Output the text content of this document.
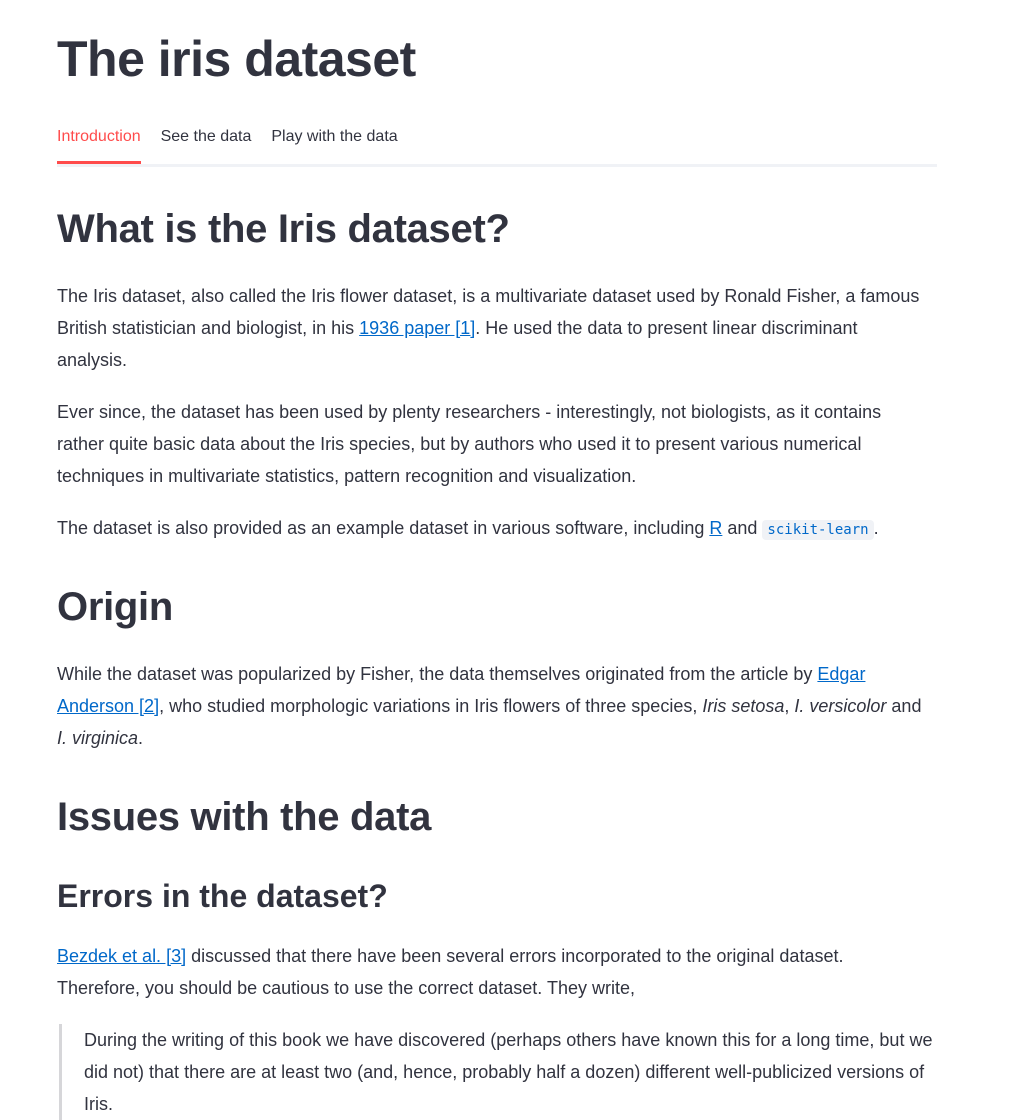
The iris dataset
Introduction See the data Play with the data
What is the Iris dataset?

The Iris dataset, also called the Iris flower dataset, is a multivariate dataset used by Ronald Fisher, a famous British statistician and biologist, in his 1936 paper [1]. He used the data to present linear discriminant analysis.

Ever since, the dataset has been used by plenty researchers - interestingly, not biologists, as it contains rather quite basic data about the Iris species, but by authors who used it to present various numerical techniques in multivariate statistics, pattern recognition and visualization.

The dataset is also provided as an example dataset in various software, including R and scikit-learn .

Origin

While the dataset was popularized by Fisher, the data themselves originated from the article by Edgar Anderson [2], who studied morphologic variations in Iris flowers of three species, Iris setosa, I. versicolor and I. virginica.

Issues with the data
Errors in the dataset?

Bezdek et al. [3] discussed that there have been several errors incorporated to the original dataset. Therefore, you should be cautious to use the correct dataset. They write,

During the writing of this book we have discovered (perhaps others have known this for a long time, but we did not) that there are at least two (and, hence, probably half a dozen) different well-publicized versions of Iris.
